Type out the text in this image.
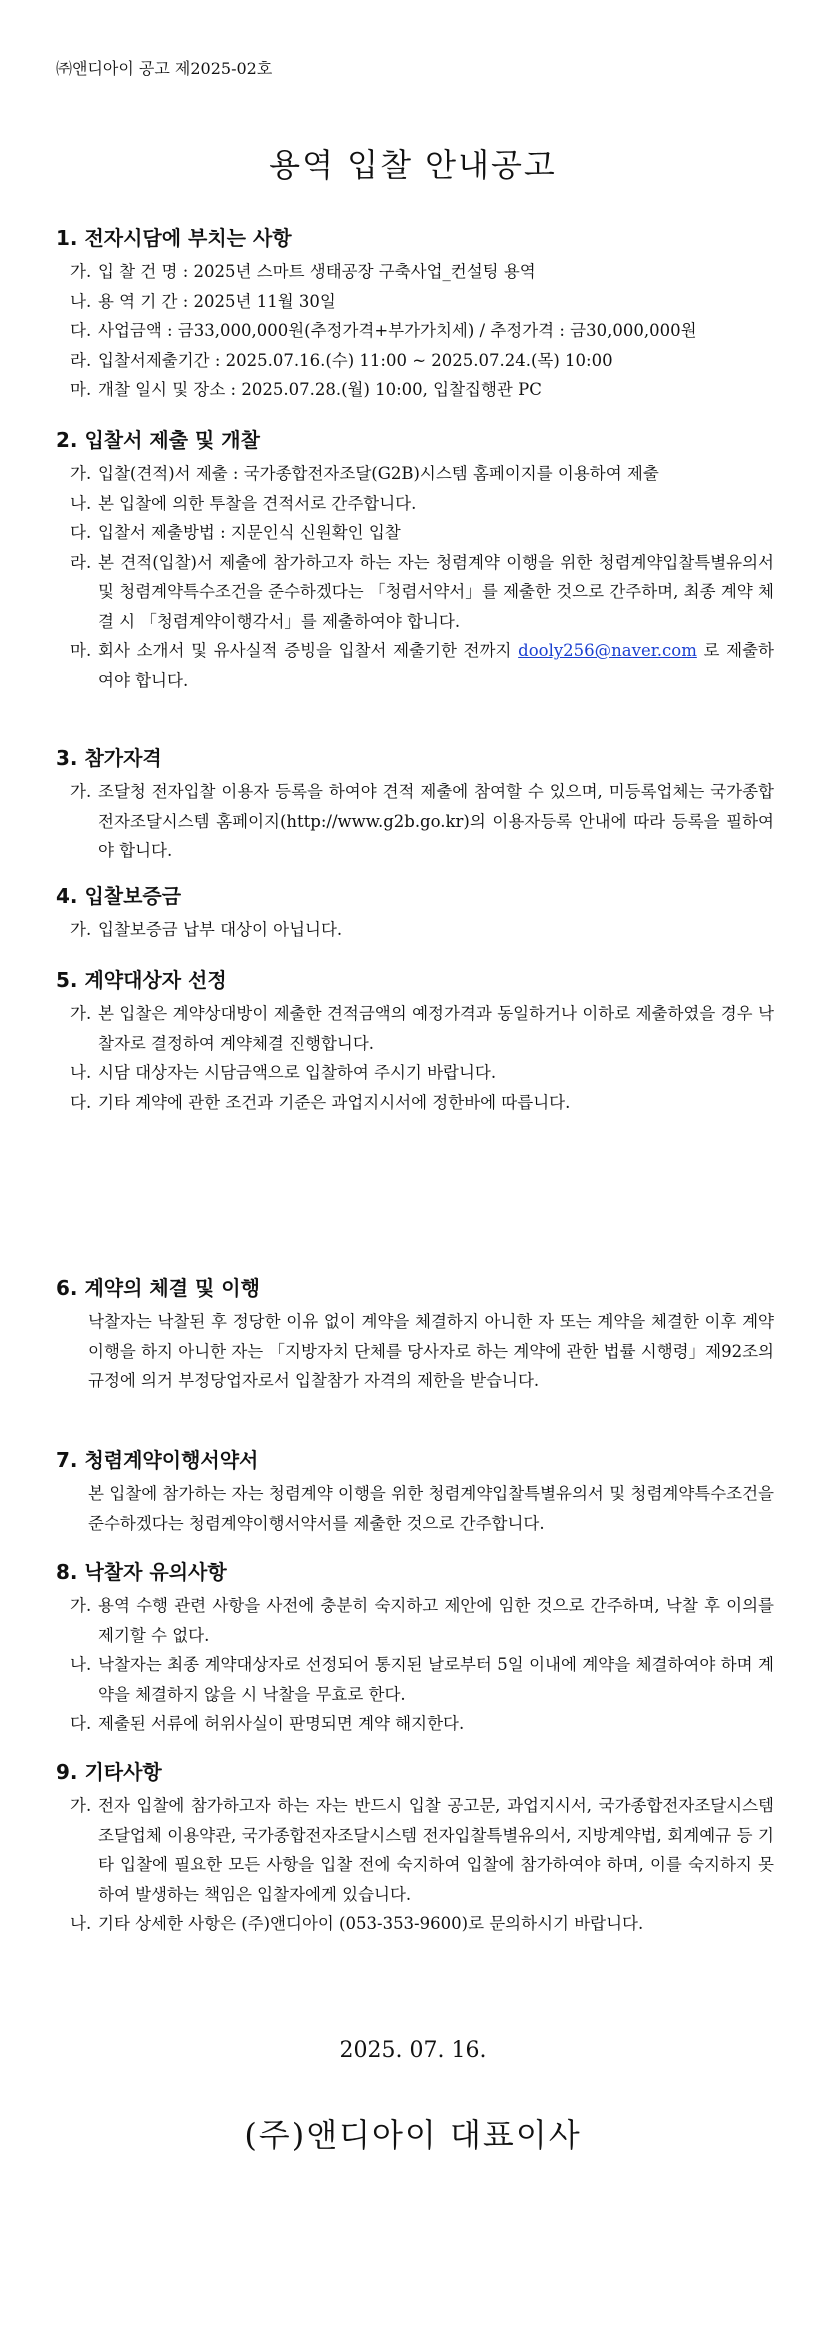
㈜앤디아이 공고 제2025-02호
용역 입찰 안내공고
1. 전자시담에 부치는 사항
가. 입 찰 건 명 : 2025년 스마트 생태공장 구축사업_컨설팅 용역
나. 용 역 기 간 : 2025년 11월 30일
다. 사업금액 : 금33,000,000원(추정가격+부가가치세) / 추정가격 : 금30,000,000원
라. 입찰서제출기간 : 2025.07.16.(수) 11:00 ~ 2025.07.24.(목) 10:00
마. 개찰 일시 및 장소 : 2025.07.28.(월) 10:00, 입찰집행관 PC
2. 입찰서 제출 및 개찰
가. 입찰(견적)서 제출 : 국가종합전자조달(G2B)시스템 홈페이지를 이용하여 제출
나. 본 입찰에 의한 투찰을 견적서로 간주합니다.
다. 입찰서 제출방법 : 지문인식 신원확인 입찰
라. 본 견적(입찰)서 제출에 참가하고자 하는 자는 청렴계약 이행을 위한 청렴계약입찰특별유의서 및 청렴계약특수조건을 준수하겠다는 「청렴서약서」를 제출한 것으로 간주하며, 최종 계약 체결 시 「청렴계약이행각서」를 제출하여야 합니다.
마. 회사 소개서 및 유사실적 증빙을 입찰서 제출기한 전까지 dooly256@naver.com 로 제출하여야 합니다.
3. 참가자격
가. 조달청 전자입찰 이용자 등록을 하여야 견적 제출에 참여할 수 있으며, 미등록업체는 국가종합전자조달시스템 홈페이지(http://www.g2b.go.kr)의 이용자등록 안내에 따라 등록을 필하여야 합니다.
4. 입찰보증금
가. 입찰보증금 납부 대상이 아닙니다.
5. 계약대상자 선정
가. 본 입찰은 계약상대방이 제출한 견적금액의 예정가격과 동일하거나 이하로 제출하였을 경우 낙찰자로 결정하여 계약체결 진행합니다.
나. 시담 대상자는 시담금액으로 입찰하여 주시기 바랍니다.
다. 기타 계약에 관한 조건과 기준은 과업지시서에 정한바에 따릅니다.
6. 계약의 체결 및 이행
낙찰자는 낙찰된 후 정당한 이유 없이 계약을 체결하지 아니한 자 또는 계약을 체결한 이후 계약이행을 하지 아니한 자는 「지방자치 단체를 당사자로 하는 계약에 관한 법률 시행령」제92조의 규정에 의거 부정당업자로서 입찰참가 자격의 제한을 받습니다.
7. 청렴계약이행서약서
본 입찰에 참가하는 자는 청렴계약 이행을 위한 청렴계약입찰특별유의서 및 청렴계약특수조건을 준수하겠다는 청렴계약이행서약서를 제출한 것으로 간주합니다.
8. 낙찰자 유의사항
가. 용역 수행 관련 사항을 사전에 충분히 숙지하고 제안에 임한 것으로 간주하며, 낙찰 후 이의를 제기할 수 없다.
나. 낙찰자는 최종 계약대상자로 선정되어 통지된 날로부터 5일 이내에 계약을 체결하여야 하며 계약을 체결하지 않을 시 낙찰을 무효로 한다.
다. 제출된 서류에 허위사실이 판명되면 계약 해지한다.
9. 기타사항
가. 전자 입찰에 참가하고자 하는 자는 반드시 입찰 공고문, 과업지시서, 국가종합전자조달시스템 조달업체 이용약관, 국가종합전자조달시스템 전자입찰특별유의서, 지방계약법, 회계예규 등 기타 입찰에 필요한 모든 사항을 입찰 전에 숙지하여 입찰에 참가하여야 하며, 이를 숙지하지 못하여 발생하는 책임은 입찰자에게 있습니다.
나. 기타 상세한 사항은 (주)앤디아이 (053-353-9600)로 문의하시기 바랍니다.
2025. 07. 16.
(주)앤디아이 대표이사
